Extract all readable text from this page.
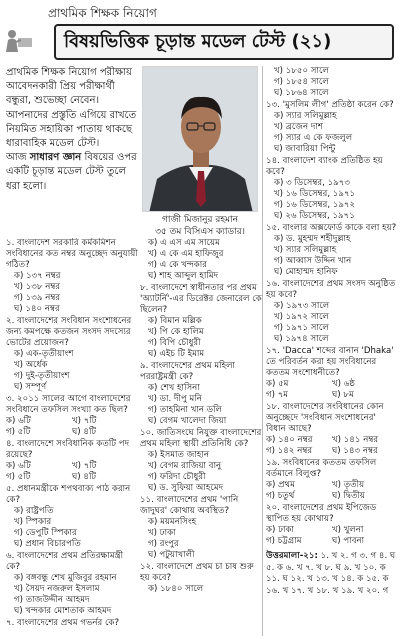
প্রাথমিক শিক্ষক নিয়োগ
বিষয়ভিত্তিক চূড়ান্ত মডেল টেস্ট (২১)

প্রাথমিক শিক্ষক নিয়োগ পরীক্ষায় আবেদনকারী প্রিয় পরীক্ষার্থী বন্ধুরা, শুভেচ্ছা নেবেন। আপনাদের প্রস্তুতি এগিয়ে রাখতে নিয়মিত সহায়িকা পাতায় থাকছে ধারাবাহিক মডেল টেস্ট।

আজ সাধারণ জ্ঞান বিষয়ের ওপর একটি চূড়ান্ত মডেল টেস্ট তুলে ধরা হলো।

গাজী মিজানুর রহমান
৩৫ তম বিসিএস ক্যাডার।
১. বাংলাদেশ সরকারি কর্মকমিশন সংবিধানের কত নম্বর অনুচ্ছেদ অনুযায়ী গঠিত?
ক) ১৩৭ নম্বর
খ) ১৩৮ নম্বর
গ) ১৩৯ নম্বর
ঘ) ১৪০ নম্বর
২. বাংলাদেশের সংবিধান সংশোধনের জন্য কমপক্ষে কতজন সংসদ সদস্যের ভোটের প্রয়োজন?
ক) এক-তৃতীয়াংশ
খ) অর্ধেক
গ) দুই-তৃতীয়াংশ
ঘ) সম্পূর্ণ
৩. ২০১১ সালের আগে বাংলাদেশের সংবিধানে তফসিল সংখ্যা কত ছিল?
ক) ৬টি	খ) ৭টি
গ) ৫টি	ঘ) ৪টি
৪. বাংলাদেশে সংবিধানিক কতটি পদ রয়েছে?
ক) ৬টি	খ) ৭টি
গ) ৫টি	ঘ) ৪টি
৫. প্রধানমন্ত্রীকে শপথবাক্য পাঠ করান কে?
ক) রাষ্ট্রপতি
খ) স্পিকার
গ) ডেপুটি স্পিকার
ঘ) প্রধান বিচারপতি
৬. বাংলাদেশের প্রথম প্রতিরক্ষামন্ত্রী কে?
ক) বঙ্গবন্ধু শেখ মুজিবুর রহমান
খ) সৈয়দ নজরুল ইসলাম
গ) তাজউদ্দীন আহমদ
ঘ) খন্দকার মোশতাক আহমদ
৭. বাংলাদেশের প্রথম গভর্নর কে?
ক) এ এস এম সায়েম
খ) এ কে এম হাফিজুর
গ) এ কে খন্দকার
ঘ) শাহ আব্দুল হামিদ
৮. বাংলাদেশে স্বাধীনতার পর প্রথম 'অ্যাটর্নি'-এর ডিরেক্টর জেনারেল কে ছিলেন?
ক) বিমান মল্লিক
খ) পি কে হালিম
গ) বিপি চৌধুরী
ঘ) এইচ টি ইমাম
৯. বাংলাদেশের প্রথম মহিলা পররাষ্ট্রমন্ত্রী কে?
ক) শেখ হাসিনা
খ) ডা. দীপু মনি
গ) তাহমিনা খান ডলি
ঘ) বেগম খালেদা জিয়া
১০. জাতিসংঘে নিযুক্ত বাংলাদেশের প্রথম মহিলা স্থায়ী প্রতিনিধি কে?
ক) ইসমাত জাহান
খ) বেগম রাজিয়া বানু
গ) ফরিদা চৌধুরী
ঘ) ড. সুফিয়া আহমেদ
১১. বাংলাদেশের প্রথম 'পানি জাদুঘর' কোথায় অবস্থিত?
ক) ময়মনসিংহ
খ) ঢাকা
গ) রংপুর
ঘ) পটুয়াখালী
১২. বাংলাদেশে প্রথম চা চাষ শুরু হয় কবে?
ক) ১৮৪০ সালে
খ) ১৮৫০ সালে
গ) ১৮৫৪ সালে
ঘ) ১৮৬৪ সালে
১৩. 'মুসলিম লীগ' প্রতিষ্ঠা করেন কে?
ক) স্যার সলিমুল্লাহ
খ) ব্রজেন দাশ
গ) স্যার এ কে ফজলুল
ঘ) জাবারিয়া পিন্টু
১৪. বাংলাদেশ ব্যাংক প্রতিষ্ঠিত হয় কবে?
ক) ৩ ডিসেম্বর, ১৯৭৩
খ) ১৬ ডিসেম্বর, ১৯৭১
গ) ১৬ ডিসেম্বর, ১৯৭২
ঘ) ২৬ ডিসেম্বর, ১৯৭১
১৫. বাংলার অক্সফোর্ড কাকে বলা হয়?
ক) ড. মুহম্মদ শহীদুল্লাহ
খ) স্যার সলিমুল্লাহ
গ) আব্বাস উদ্দিন খান
ঘ) মোহাম্মদ হানিফ
১৬. বাংলাদেশের প্রথম সংসদ অনুষ্ঠিত হয় কবে?
ক) ১৯৭৩ সালে
খ) ১৯৭২ সালে
গ) ১৯৭১ সালে
ঘ) ১৯৭৪ সালে
১৭. 'Dacca' শব্দের বানান 'Dhaka' তে পরিবর্তন করা হয় সংবিধানের কততম সংশোধনীতে?
ক) ৫ম	খ) ৬ষ্ঠ
গ) ৭ম	ঘ) ৮ম
১৮. বাংলাদেশের সংবিধানের কোন অনুচ্ছেদে 'সংবিধান সংশোধনের' বিধান আছে?
ক) ১৪০ নম্বর	খ) ১৪১ নম্বর
গ) ১৪২ নম্বর	ঘ) ১৪৩ নম্বর
১৯. সংবিধানের কততম তফসিল বর্তমানে বিলুপ্ত?
ক) প্রথম	খ) তৃতীয়
গ) চতুর্থ	ঘ) দ্বিতীয়
২০. বাংলাদেশের প্রথম ইপিজেড স্থাপিত হয় কোথায়?
ক) ঢাকা	খ) খুলনা
গ) চট্টগ্রাম	ঘ) পাবনা
উত্তরমালা-২১: ১. খ ২. গ ৩. গ ৪. ঘ ৫. ক ৬. খ ৭. খ ৮. ঘ ৯. খ ১০. ক ১১. ঘ ১২. খ ১৩. খ ১৪. ক ১৫. ক ১৬. খ ১৭. খ ১৮. খ ১৯. খ ২০. গ
